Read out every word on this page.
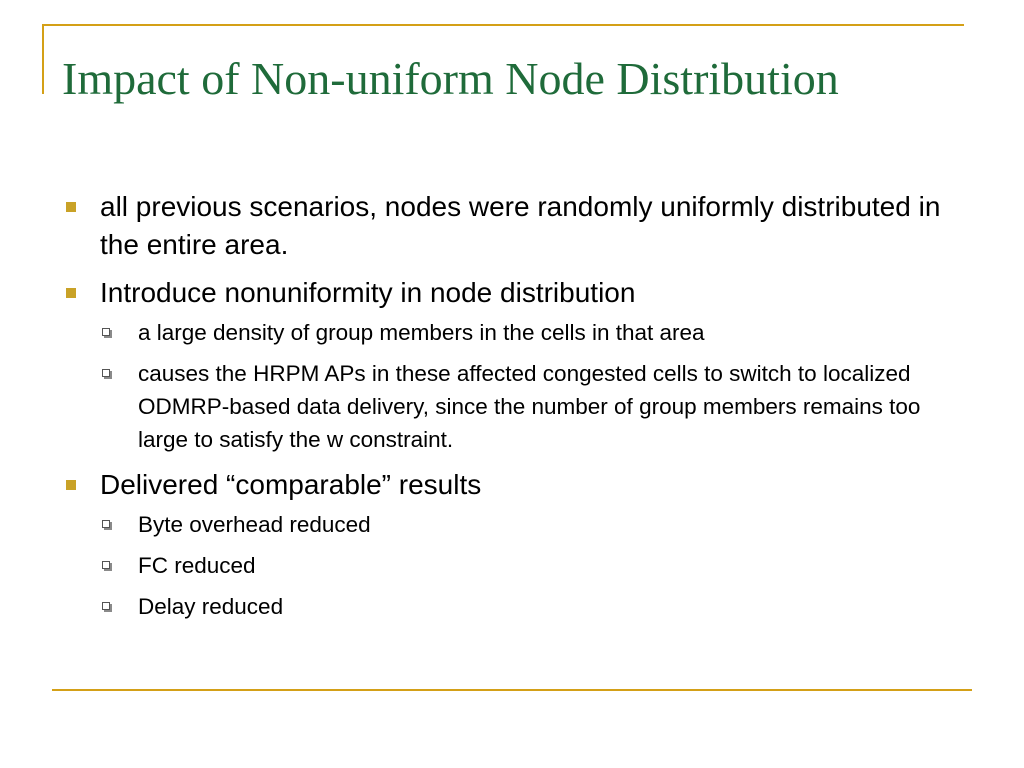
Impact of Non-uniform Node Distribution
all previous scenarios, nodes were randomly uniformly distributed in the entire area.
Introduce nonuniformity in node distribution
a large density of group members in the cells in that area
causes the HRPM APs in these affected congested cells to switch to localized ODMRP-based data delivery, since the number of group members remains too large to satisfy the w constraint.
Delivered “comparable” results
Byte overhead reduced
FC reduced
Delay reduced
